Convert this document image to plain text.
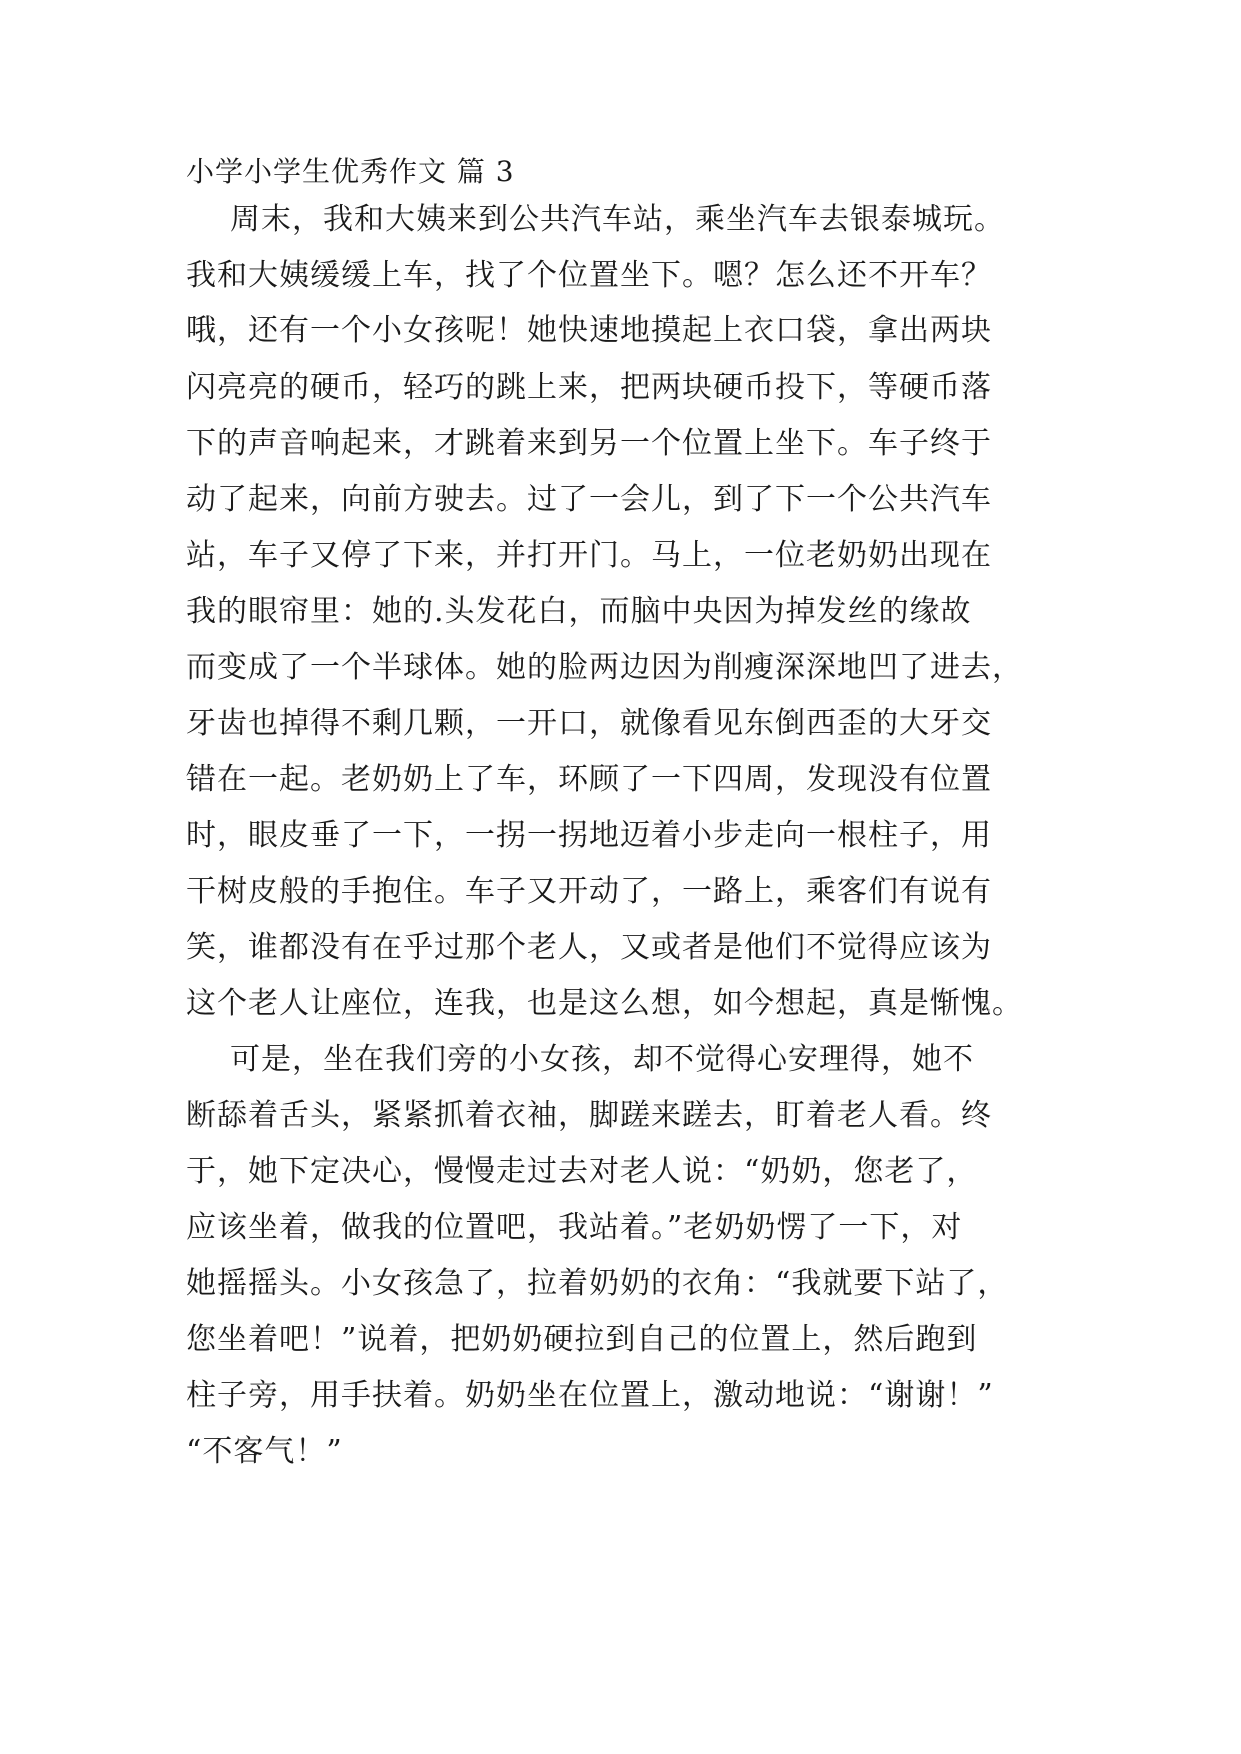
小学小学生优秀作文 篇 3
周末，我和大姨来到公共汽车站，乘坐汽车去银泰城玩。
我和大姨缓缓上车，找了个位置坐下。嗯？怎么还不开车？
哦，还有一个小女孩呢！她快速地摸起上衣口袋，拿出两块
闪亮亮的硬币，轻巧的跳上来，把两块硬币投下，等硬币落
下的声音响起来，才跳着来到另一个位置上坐下。车子终于
动了起来，向前方驶去。过了一会儿，到了下一个公共汽车
站，车子又停了下来，并打开门。马上，一位老奶奶出现在
我的眼帘里：她的.头发花白，而脑中央因为掉发丝的缘故
而变成了一个半球体。她的脸两边因为削瘦深深地凹了进去，
牙齿也掉得不剩几颗，一开口，就像看见东倒西歪的大牙交
错在一起。老奶奶上了车，环顾了一下四周，发现没有位置
时，眼皮垂了一下，一拐一拐地迈着小步走向一根柱子，用
干树皮般的手抱住。车子又开动了，一路上，乘客们有说有
笑，谁都没有在乎过那个老人，又或者是他们不觉得应该为
这个老人让座位，连我，也是这么想，如今想起，真是惭愧。
可是，坐在我们旁的小女孩，却不觉得心安理得，她不
断舔着舌头，紧紧抓着衣袖，脚蹉来蹉去，盯着老人看。终
于，她下定决心，慢慢走过去对老人说：“奶奶，您老了，
应该坐着，做我的位置吧，我站着。”老奶奶愣了一下，对
她摇摇头。小女孩急了，拉着奶奶的衣角：“我就要下站了，
您坐着吧！”说着，把奶奶硬拉到自己的位置上，然后跑到
柱子旁，用手扶着。奶奶坐在位置上，激动地说：“谢谢！”
“不客气！”
